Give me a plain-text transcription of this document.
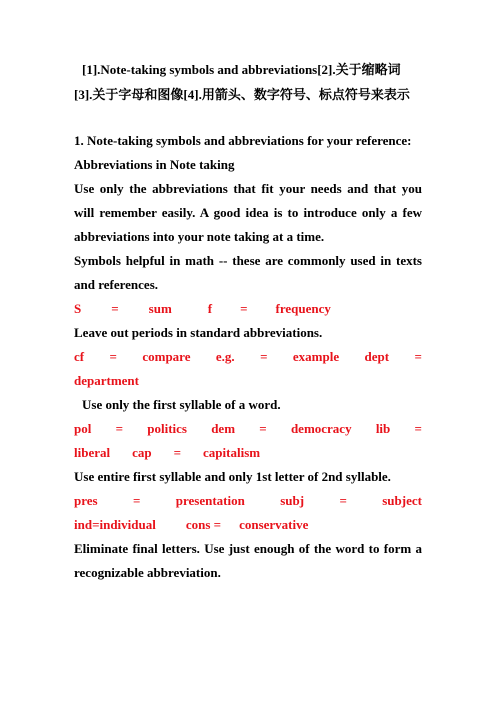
[1].Note-taking symbols and abbreviations[2].关于缩略词
[3].关于字母和图像[4].用箭头、数字符号、标点符号来表示
1. Note-taking symbols and abbreviations for your reference:
Abbreviations in Note taking
Use only the abbreviations that fit your needs and that you will remember easily. A good idea is to introduce only a few abbreviations into your note taking at a time.
Symbols helpful in math -- these are commonly used in texts and references.
S = sum	f = frequency
Leave out periods in standard abbreviations.
cf = compare e.g. = example dept =
department
Use only the first syllable of a word.
pol = politics dem = democracy lib =
liberal cap = capitalism
Use entire first syllable and only 1st letter of 2nd syllable.
pres	=	presentation	subj	=	subject
ind=individual cons = conservative
Eliminate final letters. Use just enough of the word to form a recognizable abbreviation.
